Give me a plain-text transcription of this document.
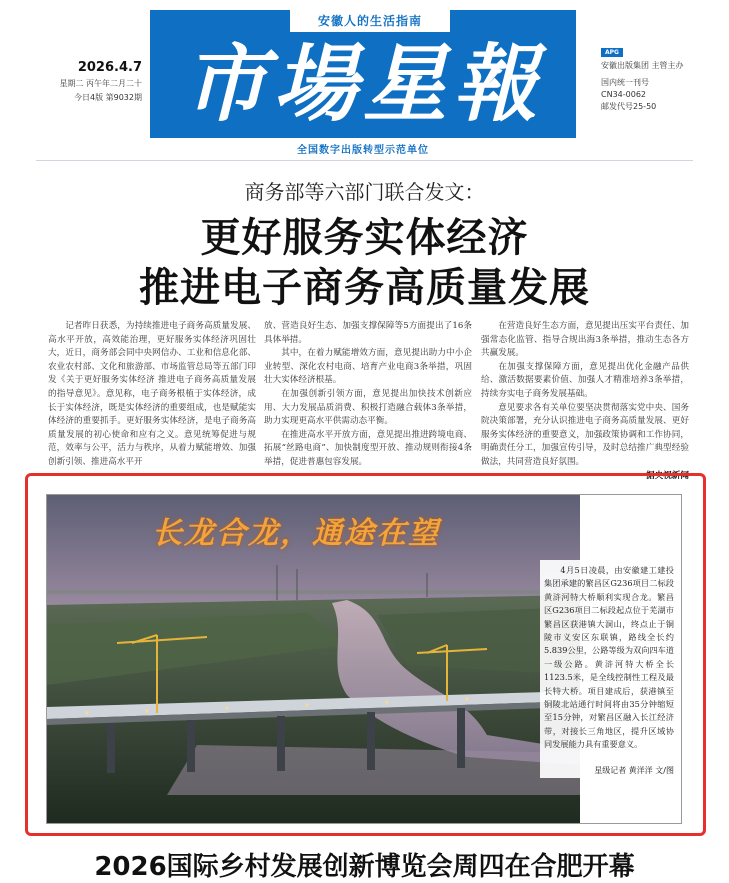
2026.4.7
星期二 丙午年二月二十
今日4版 第9032期
安徽人的生活指南
市場星報
全国数字出版转型示范单位
APG
安徽出版集团 主管主办
国内统一刊号
CN34-0062
邮发代号25-50
商务部等六部门联合发文：
更好服务实体经济
推进电子商务高质量发展

记者昨日获悉，为持续推进电子商务高质量发展、高水平开放，高效能治理，更好服务实体经济巩固壮大，近日，商务部会同中央网信办、工业和信息化部、农业农村部、文化和旅游部、市场监管总局等五部门印发《关于更好服务实体经济 推进电子商务高质量发展的指导意见》。意见称，电子商务根植于实体经济，成长于实体经济，既是实体经济的重要组成，也是赋能实体经济的重要抓手。更好服务实体经济，是电子商务高质量发展的初心使命和应有之义。意见统筹促进与规范，效率与公平，活力与秩序，从着力赋能增效、加强创新引领、推进高水平开

放、营造良好生态、加强支撑保障等5方面提出了16条具体举措。

其中，在着力赋能增效方面，意见提出助力中小企业转型、深化农村电商、培育产业电商3条举措，巩固壮大实体经济根基。

在加强创新引领方面，意见提出加快技术创新应用、大力发展品质消费、积极打造融合载体3条举措，助力实现更高水平供需动态平衡。

在推进高水平开放方面，意见提出推进跨境电商、拓展“丝路电商”、加快制度型开放、推动规则衔接4条举措，促进普惠包容发展。

在营造良好生态方面，意见提出压实平台责任、加强常态化监管、指导合规出海3条举措，推动生态各方共赢发展。

在加强支撑保障方面，意见提出优化金融产品供给、激活数据要素价值、加强人才精准培养3条举措，持续夯实电子商务发展基础。

意见要求各有关单位要坚决贯彻落实党中央、国务院决策部署，充分认识推进电子商务高质量发展、更好服务实体经济的重要意义，加强政策协调和工作协同，明确责任分工，加强宣传引导，及时总结推广典型经验做法，共同营造良好氛围。

据央视新闻

长龙合龙，通途在望
4月5日凌晨，由安徽建工建投集团承建的繁昌区G236项目二标段黄浒河特大桥顺利实现合龙。繁昌区G236项目二标段起点位于芜湖市繁昌区获港镇大洞山，终点止于铜陵市义安区东联镇，路线全长约5.839公里，公路等级为双向四车道一级公路。黄浒河特大桥全长1123.5米，是全线控制性工程及最长特大桥。项目建成后，获港镇至铜陵北站通行时间将由35分钟缩短至15分钟，对繁昌区融入长江经济带，对接长三角地区，提升区域协同发展能力具有重要意义。
星级记者 黄洋洋 文/图
2026国际乡村发展创新博览会周四在合肥开幕
